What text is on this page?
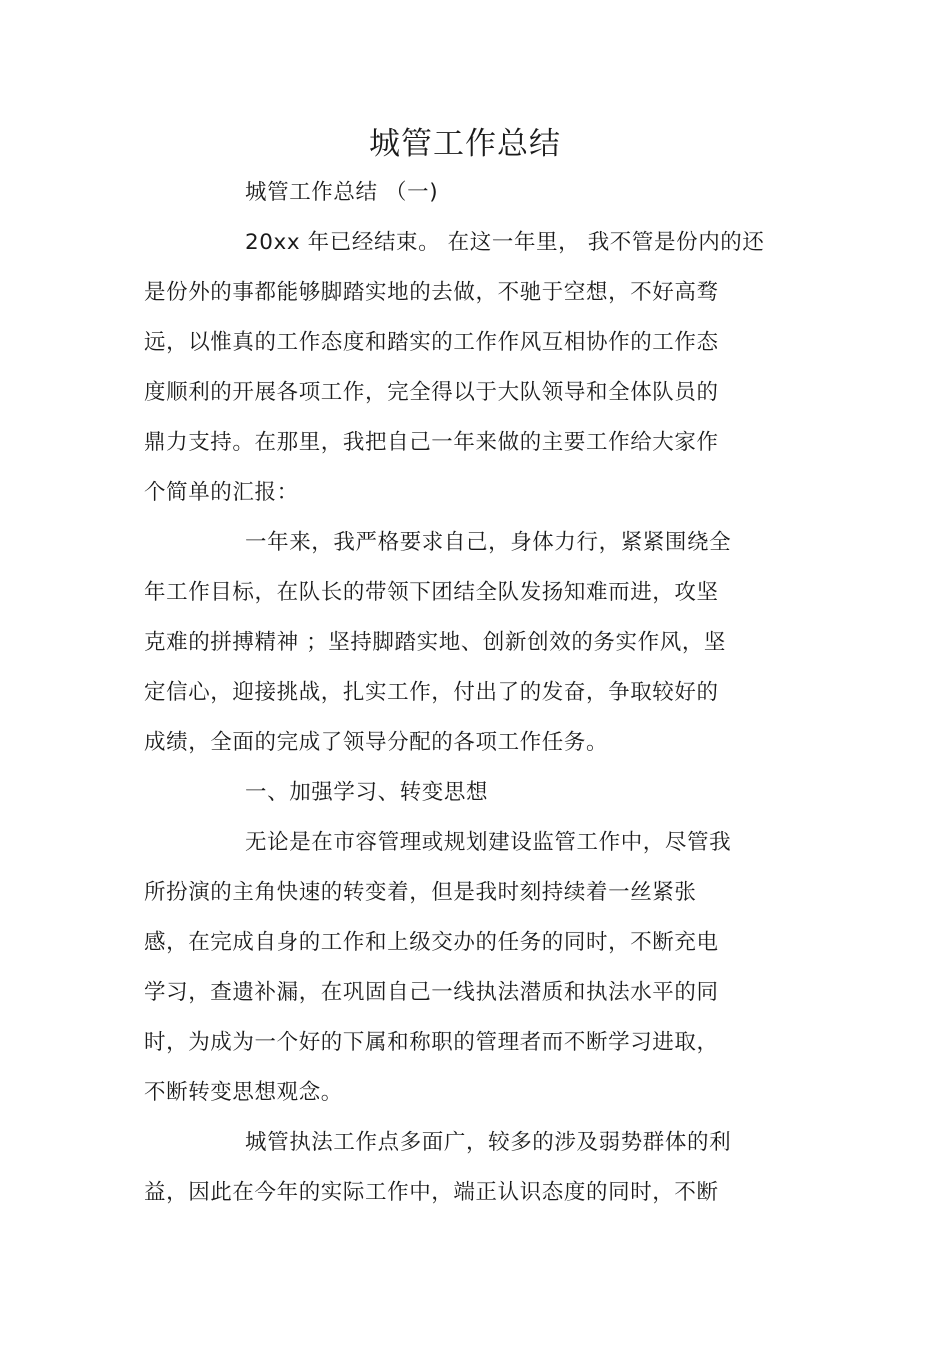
城管工作总结
城管工作总结 （一)
20xx 年已经结束。 在这一年里， 我不管是份内的还
是份外的事都能够脚踏实地的去做，不驰于空想，不好高骛
远，以惟真的工作态度和踏实的工作作风互相协作的工作态
度顺利的开展各项工作，完全得以于大队领导和全体队员的
鼎力支持。在那里，我把自己一年来做的主要工作给大家作
个简单的汇报：
一年来，我严格要求自己，身体力行，紧紧围绕全
年工作目标，在队长的带领下团结全队发扬知难而进，攻坚
克难的拼搏精神 ；坚持脚踏实地、创新创效的务实作风，坚
定信心，迎接挑战，扎实工作，付出了的发奋，争取较好的
成绩，全面的完成了领导分配的各项工作任务。
一、加强学习、转变思想
无论是在市容管理或规划建设监管工作中，尽管我
所扮演的主角快速的转变着，但是我时刻持续着一丝紧张
感，在完成自身的工作和上级交办的任务的同时，不断充电
学习，查遗补漏，在巩固自己一线执法潜质和执法水平的同
时，为成为一个好的下属和称职的管理者而不断学习进取，
不断转变思想观念。
城管执法工作点多面广，较多的涉及弱势群体的利
益，因此在今年的实际工作中，端正认识态度的同时，不断
